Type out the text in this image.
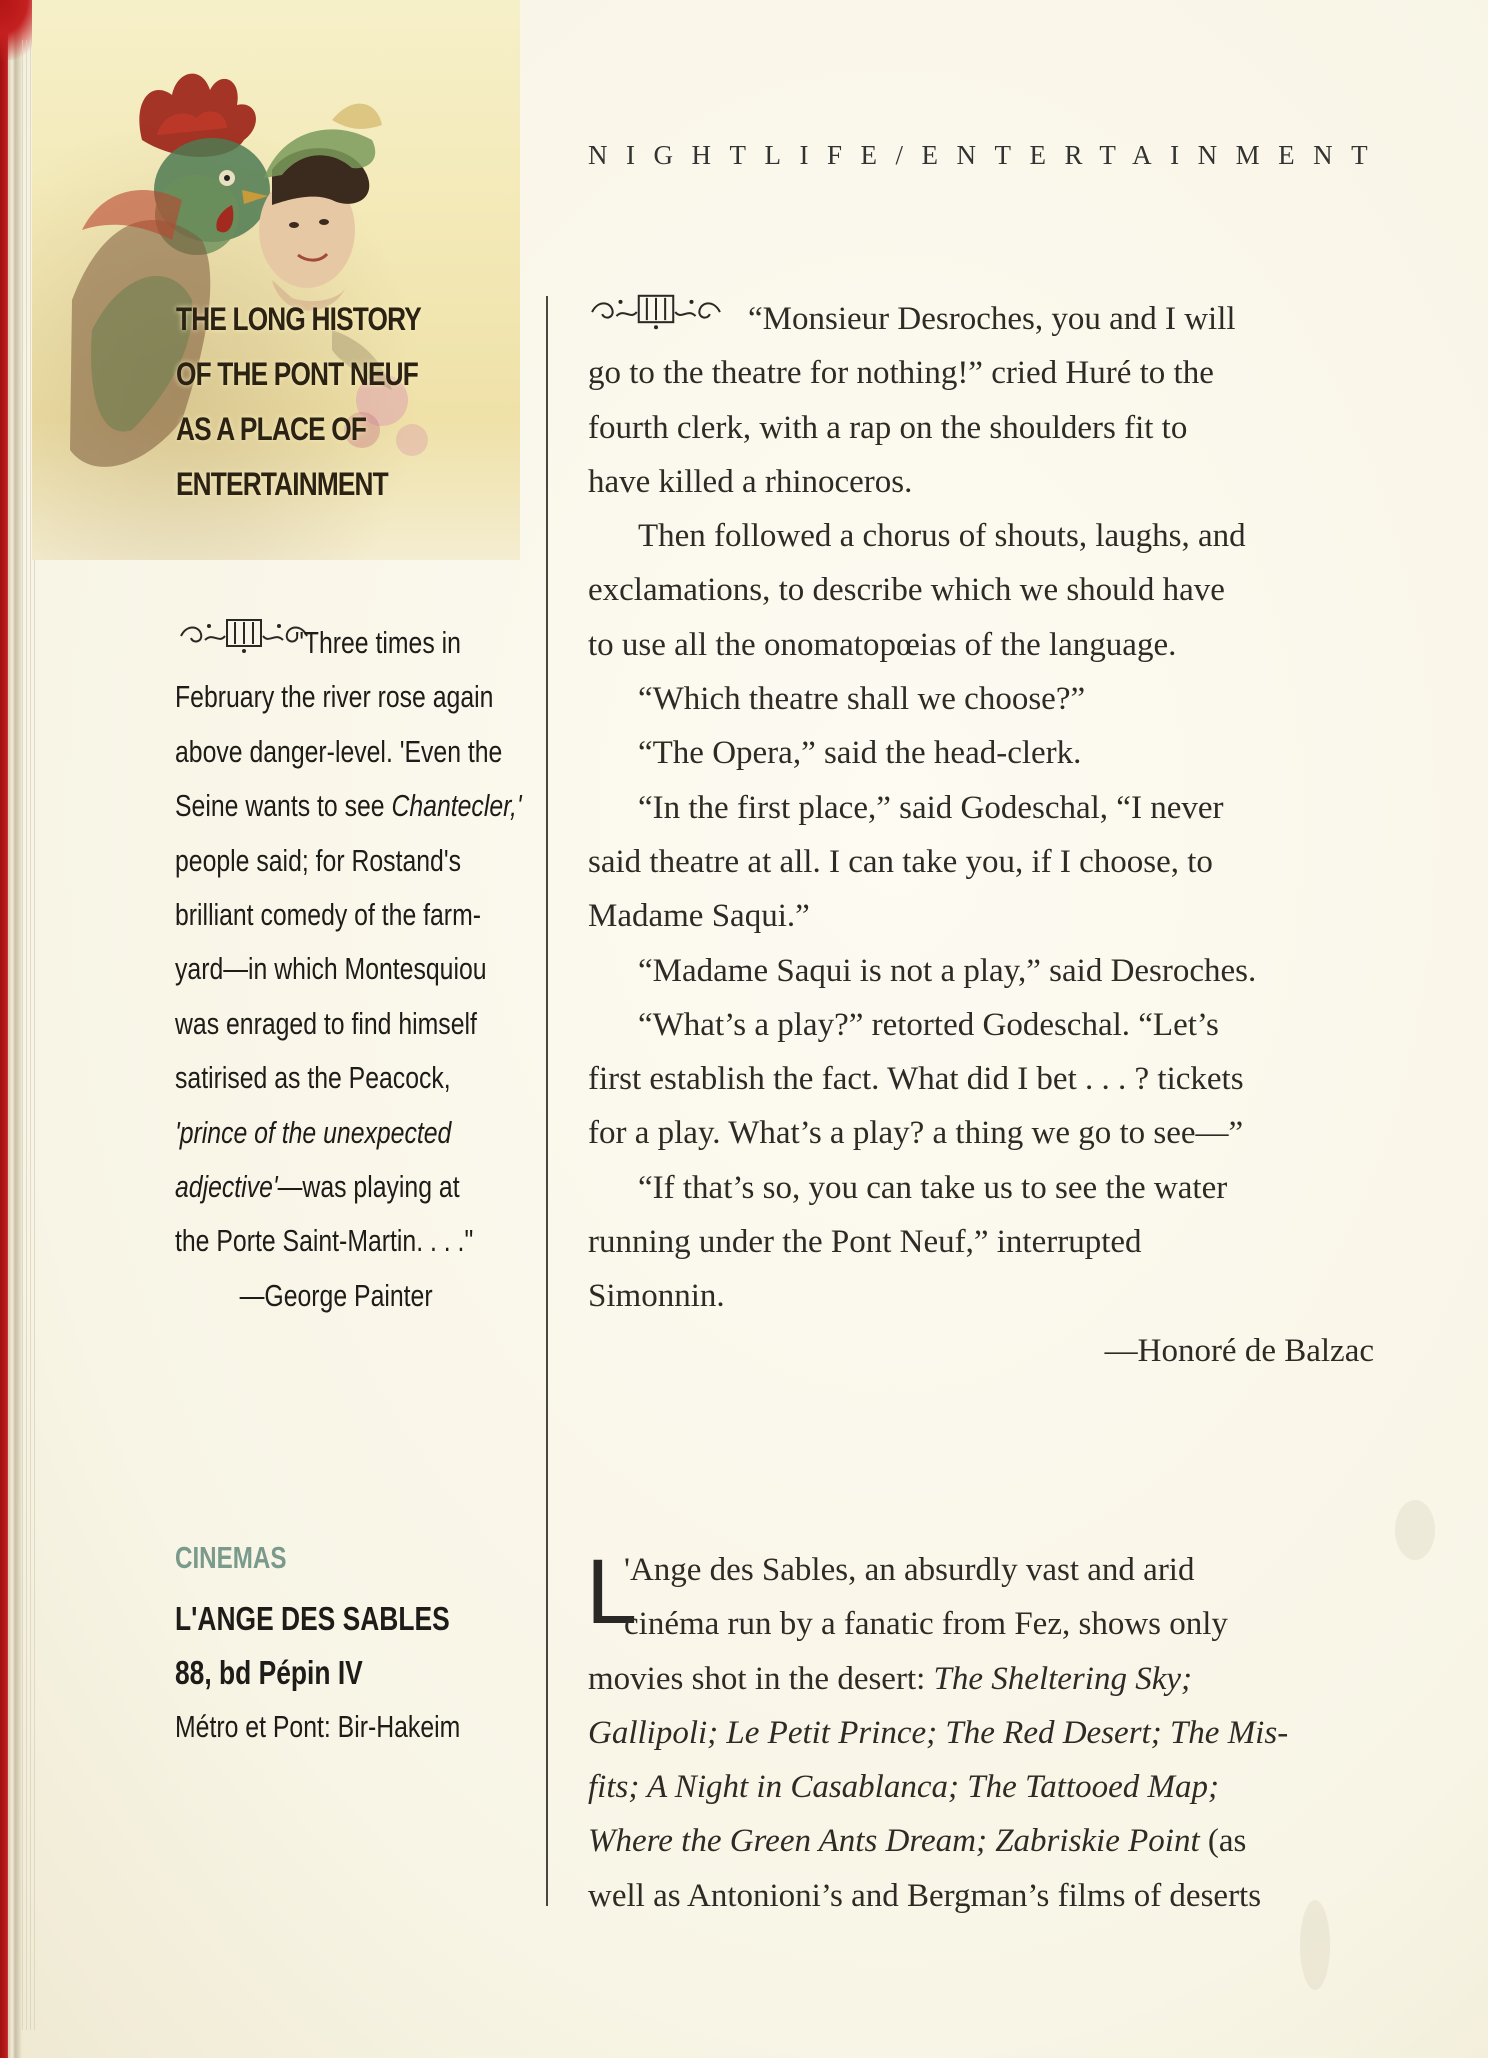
THE LONG HISTORY
OF THE PONT NEUF
AS A PLACE OF
ENTERTAINMENT
NIGHTLIFE/ENTERTAINMENT
"Three times in
February the river rose again
above danger-level. 'Even the
Seine wants to see Chantecler,'
people said; for Rostand's
brilliant comedy of the farm-
yard—in which Montesquiou
was enraged to find himself
satirised as the Peacock,
'prince of the unexpected
adjective'—was playing at
the Porte Saint-Martin. . . ."
—George Painter
“Monsieur Desroches, you and I will
go to the theatre for nothing!” cried Huré to the
fourth clerk, with a rap on the shoulders fit to
have killed a rhinoceros.
Then followed a chorus of shouts, laughs, and
exclamations, to describe which we should have
to use all the onomatopœias of the language.
“Which theatre shall we choose?”
“The Opera,” said the head-clerk.
“In the first place,” said Godeschal, “I never
said theatre at all. I can take you, if I choose, to
Madame Saqui.”
“Madame Saqui is not a play,” said Desroches.
“What’s a play?” retorted Godeschal. “Let’s
first establish the fact. What did I bet . . . ? tickets
for a play. What’s a play? a thing we go to see—”
“If that’s so, you can take us to see the water
running under the Pont Neuf,” interrupted
Simonnin.
—Honoré de Balzac
CINEMAS
L'ANGE DES SABLES
88, bd Pépin IV
Métro et Pont: Bir-Hakeim
L
'Ange des Sables, an absurdly vast and arid
cinéma run by a fanatic from Fez, shows only
movies shot in the desert: The Sheltering Sky;
Gallipoli; Le Petit Prince; The Red Desert; The Mis-
fits; A Night in Casablanca; The Tattooed Map;
Where the Green Ants Dream; Zabriskie Point (as
well as Antonioni’s and Bergman’s films of deserts
